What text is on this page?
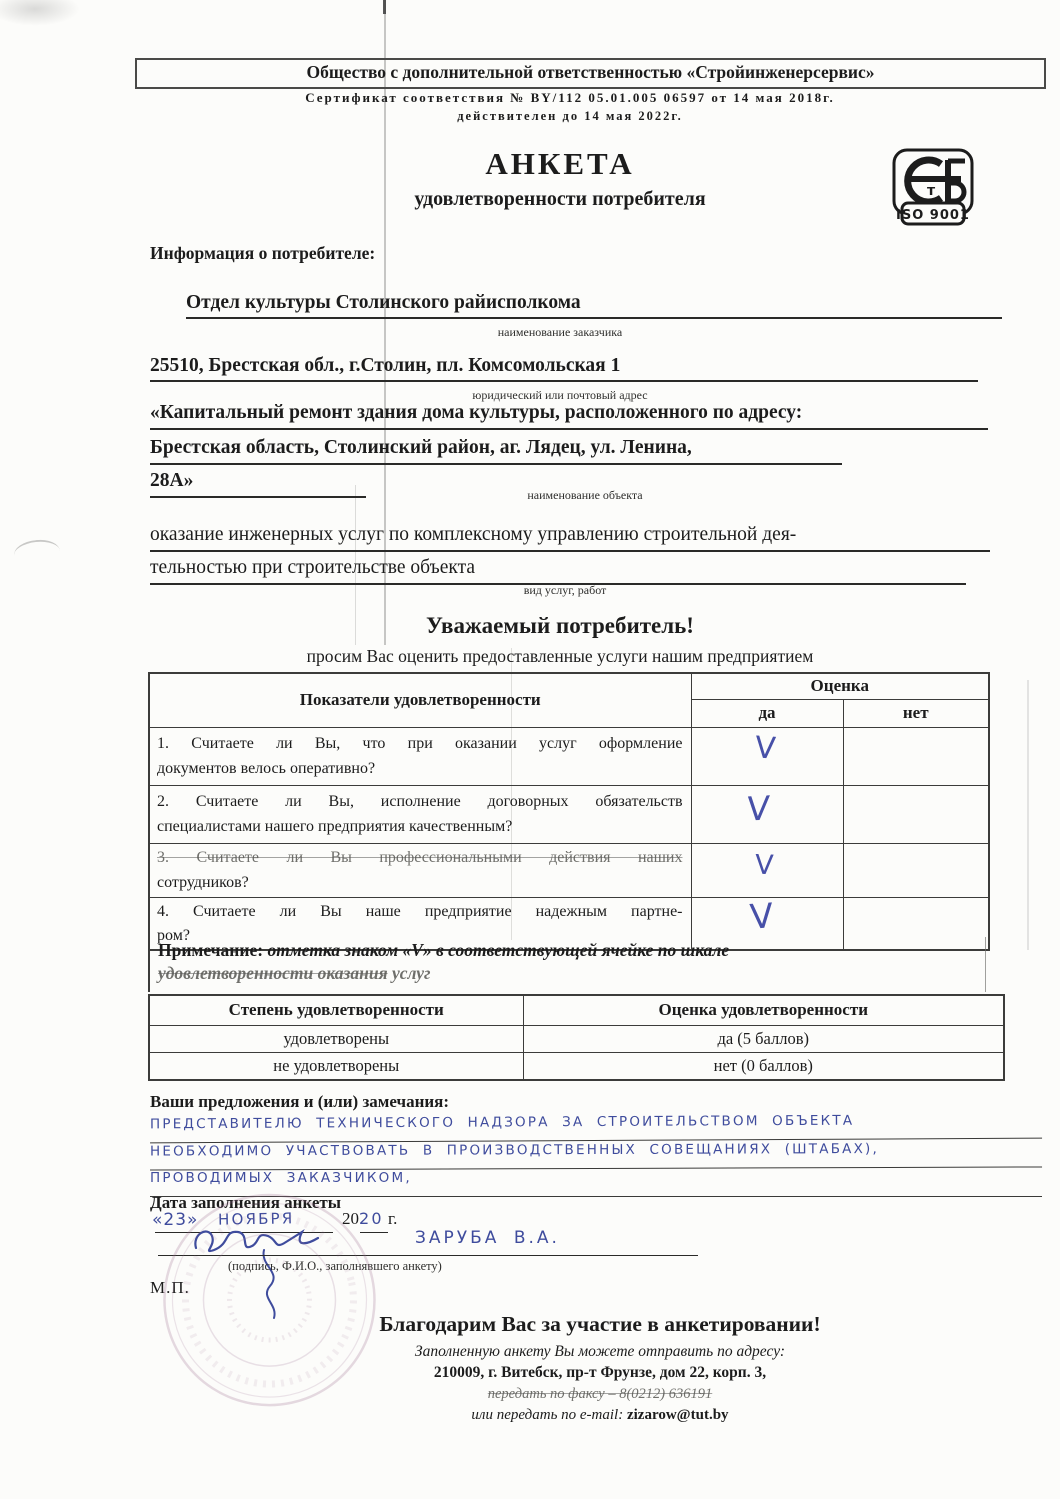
Общество с дополнительной ответственностью «Стройинженерсервис»
Сертификат соответствия № BY/112 05.01.005 06597 от 14 мая 2018г.
действителен до 14 мая 2022г.
АНКЕТА
удовлетворенности потребителя	т
ISO 9001
Информация о потребителе:
Отдел культуры Столинского райисполкома
наименование заказчика
25510, Брестская обл., г.Столин, пл. Комсомольская 1
юридический или почтовый адрес
«Капитальный ремонт здания дома культуры, расположенного по адресу:
Брестская область, Столинский район, аг. Лядец, ул. Ленина,
28А»
наименование объекта
оказание инженерных услуг по комплексному управлению строительной дея-
тельностью при строительстве объекта
вид услуг, работ
Уважаемый потребитель!
просим Вас оценить предоставленные услуги нашим предприятием
Показатели удовлетворенности	Оценка	
	да	нет

1. Считаете ли Вы, что при оказании услуг оформление
документов велось оперативно?	V	

2. Считаете ли Вы, исполнение договорных обязательств
специалистами нашего предприятия качественным?	V	

3. Считаете ли Вы профессиональными действия наших
сотрудников?	V	

4. Считаете ли Вы наше предприятие надежным партне-
ром?	V	

Примечание: отметка знаком «V» в соответствующей ячейке по шкале
удовлетворенности оказания услуг
Степень удовлетворенности	Оценка удовлетворенности
удовлетворены	да (5 баллов)
не удовлетворены	нет (0 баллов)
Ваши предложения и (или) замечания:
ПРЕДСТАВИТЕЛЮ ТЕХНИЧЕСКОГО НАДЗОРА ЗА СТРОИТЕЛЬСТВОМ ОБЪЕКТА
НЕОБХОДИМО УЧАСТВОВАТЬ В ПРОИЗВОДСТВЕННЫХ СОВЕЩАНИЯХ (ШТАБАХ),
ПРОВОДИМЫХ ЗАКАЗЧИКОМ,
Дата заполнения анкеты
«23» НОЯБРЯ	2020 г.
ЗАРУБА В.А.
(подпись, Ф.И.О., заполнявшего анкету)
М.П.
Благодарим Вас за участие в анкетировании!
Заполненную анкету Вы можете отправить по адресу:
210009, г. Витебск, пр-т Фрунзе, дом 22, корп. 3,
передать по факсу – 8(0212) 636191
или передать по e-mail: zizarow@tut.by
